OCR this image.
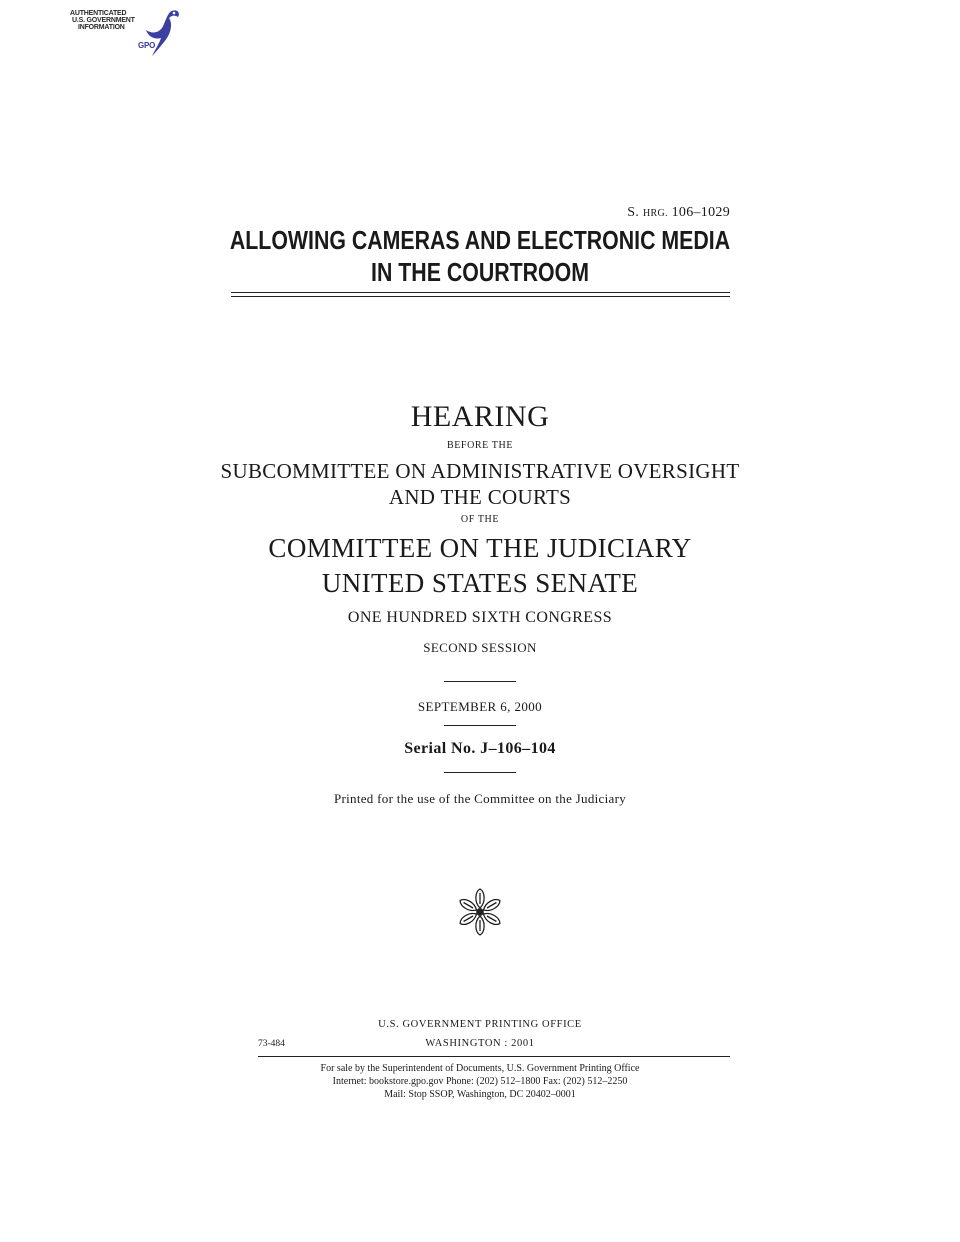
AUTHENTICATED
U.S. GOVERNMENT
INFORMATION
GPO
S. HRG. 106–1029
ALLOWING CAMERAS AND ELECTRONIC MEDIA
IN THE COURTROOM
HEARING
BEFORE THE
SUBCOMMITTEE ON ADMINISTRATIVE OVERSIGHT
AND THE COURTS
OF THE
COMMITTEE ON THE JUDICIARY
UNITED STATES SENATE
ONE HUNDRED SIXTH CONGRESS
SECOND SESSION
SEPTEMBER 6, 2000
Serial No. J–106–104
Printed for the use of the Committee on the Judiciary
U.S. GOVERNMENT PRINTING OFFICE
73-484	WASHINGTON : 2001
For sale by the Superintendent of Documents, U.S. Government Printing Office
Internet: bookstore.gpo.gov Phone: (202) 512–1800 Fax: (202) 512–2250
Mail: Stop SSOP, Washington, DC 20402–0001
